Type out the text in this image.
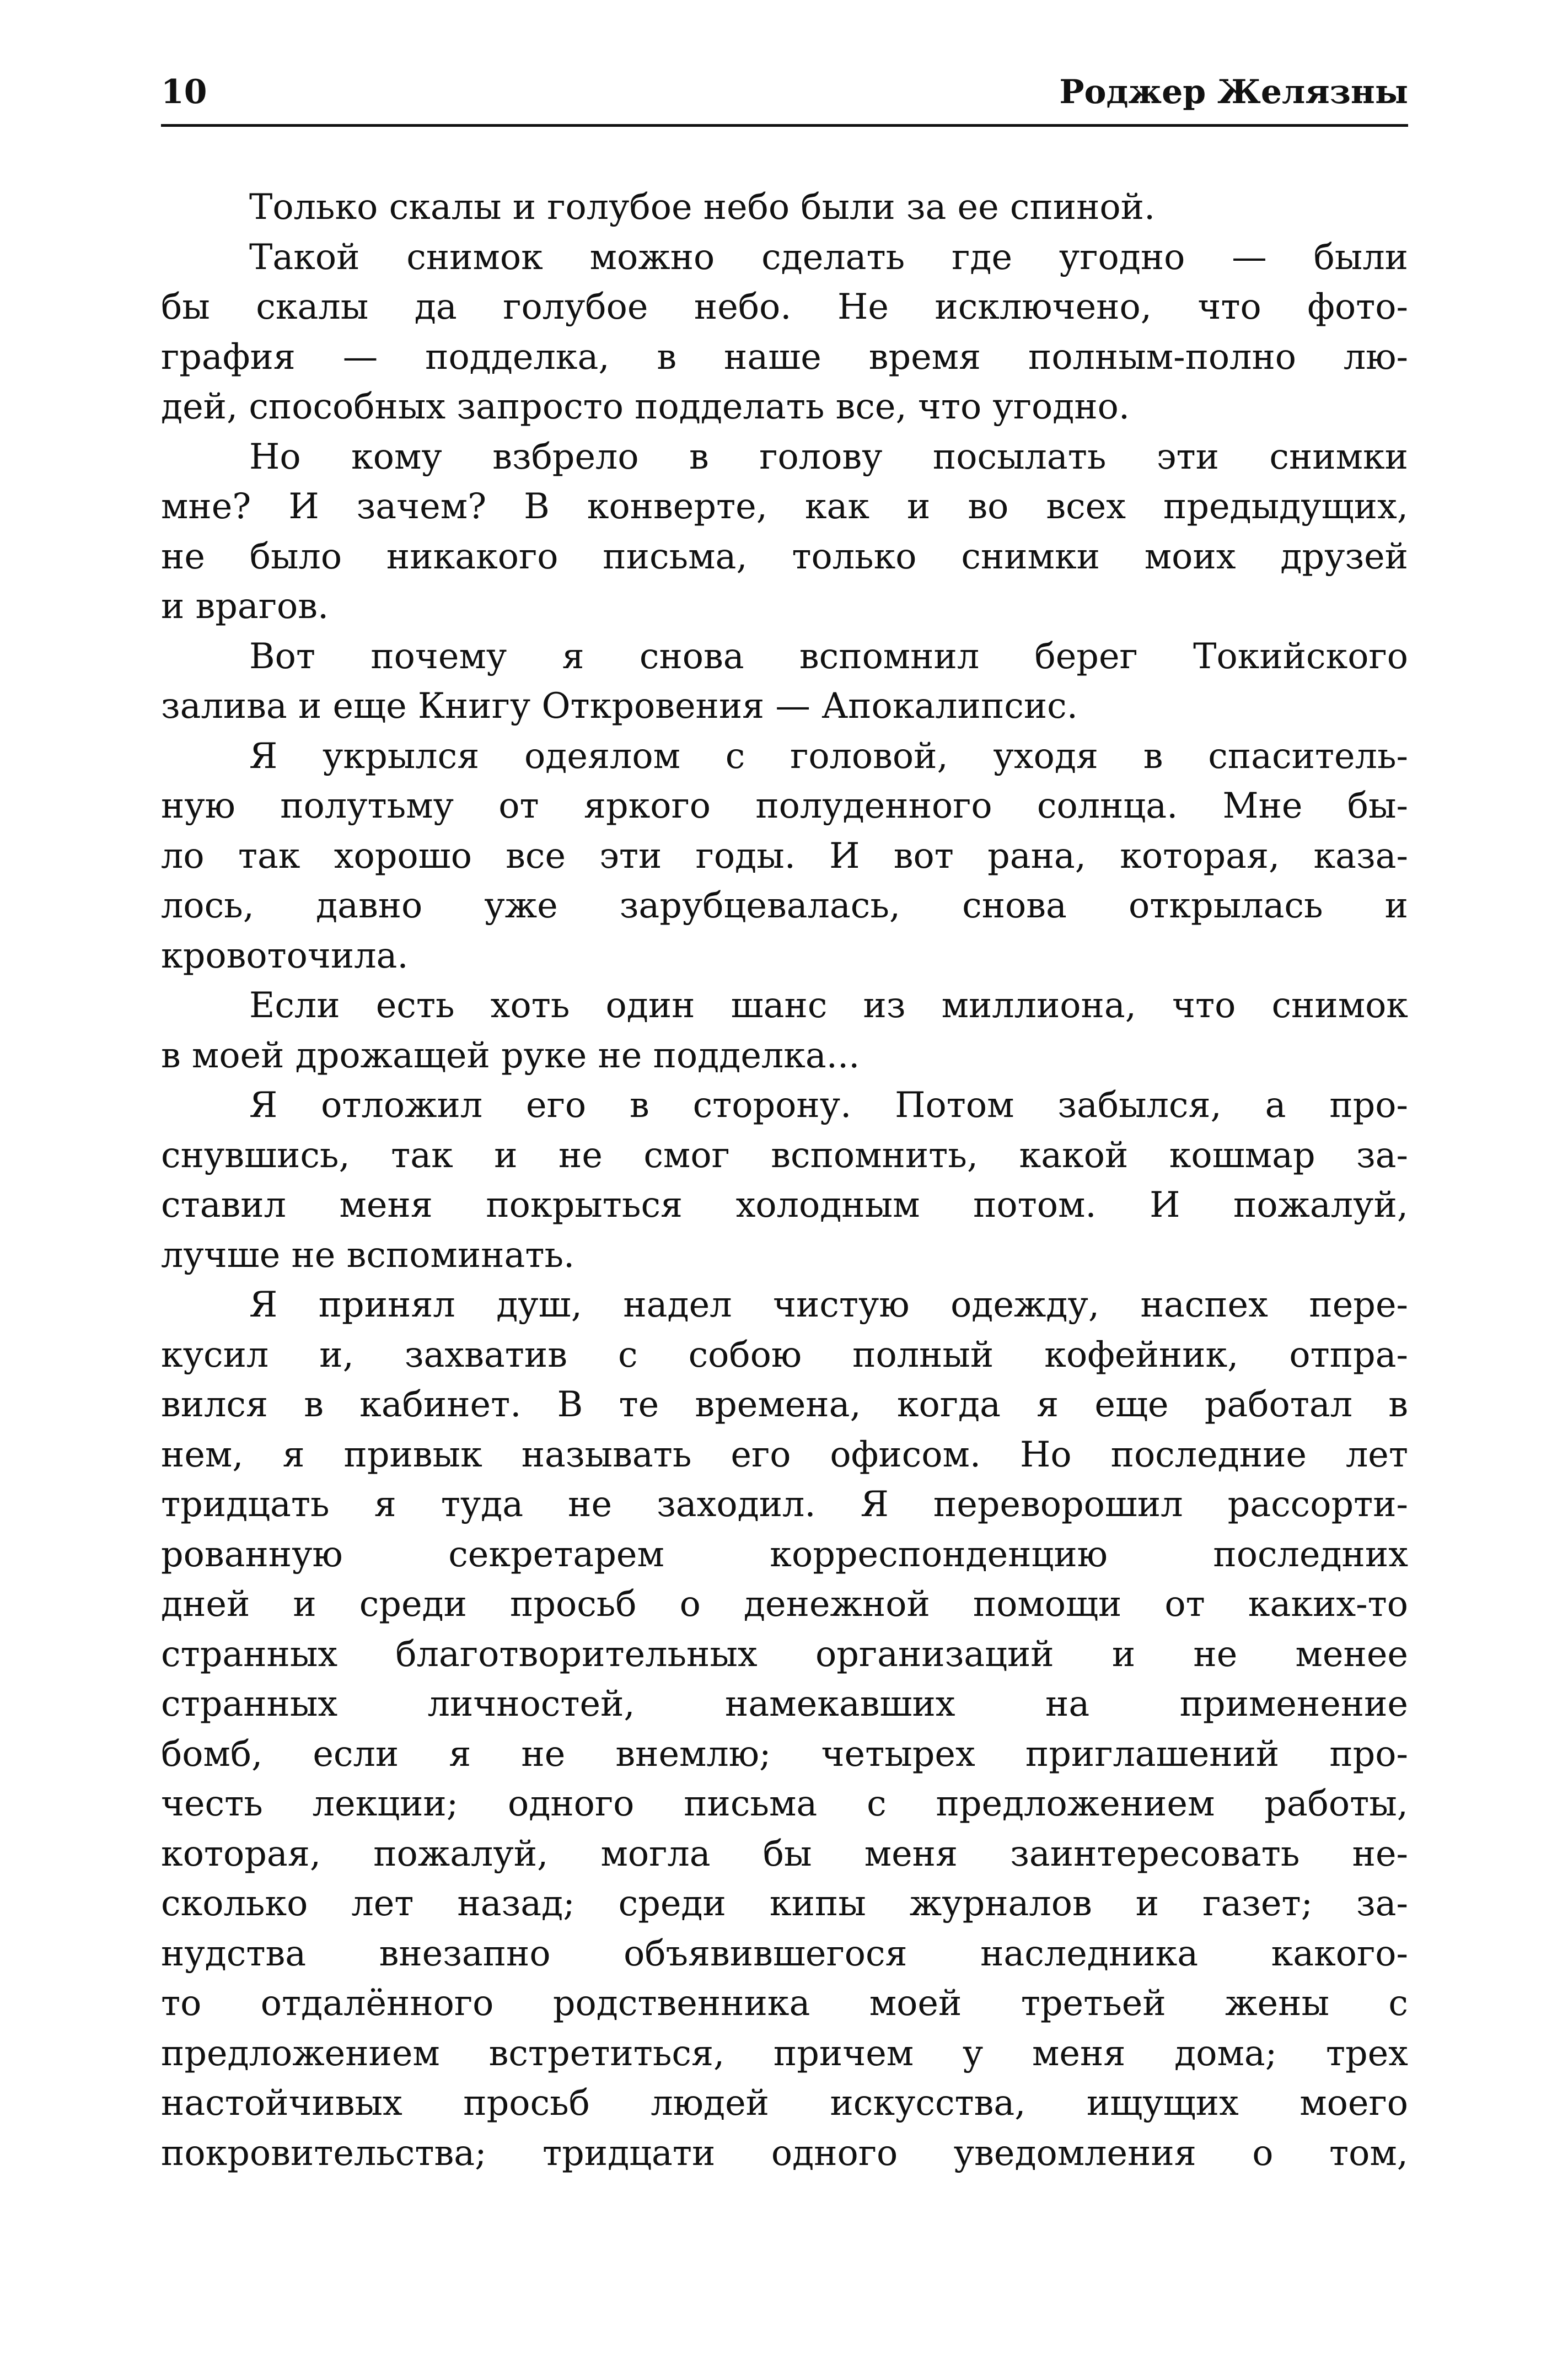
10	Роджер Желязны
Только скалы и голубое небо были за ее спиной.
Такой снимок можно сделать где угодно — были
бы скалы да голубое небо. Не исключено, что фото-
графия — подделка, в наше время полным-полно лю-
дей, способных запросто подделать все, что угодно.
Но кому взбрело в голову посылать эти снимки
мне? И зачем? В конверте, как и во всех предыдущих,
не было никакого письма, только снимки моих друзей
и врагов.
Вот почему я снова вспомнил берег Токийского
залива и еще Книгу Откровения — Апокалипсис.
Я укрылся одеялом с головой, уходя в спаситель-
ную полутьму от яркого полуденного солнца. Мне бы-
ло так хорошо все эти годы. И вот рана, которая, каза-
лось, давно уже зарубцевалась, снова открылась и
кровоточила.
Если есть хоть один шанс из миллиона, что снимок
в моей дрожащей руке не подделка...
Я отложил его в сторону. Потом забылся, а про-
снувшись, так и не смог вспомнить, какой кошмар за-
ставил меня покрыться холодным потом. И пожалуй,
лучше не вспоминать.
Я принял душ, надел чистую одежду, наспех пере-
кусил и, захватив с собою полный кофейник, отпра-
вился в кабинет. В те времена, когда я еще работал в
нем, я привык называть его офисом. Но последние лет
тридцать я туда не заходил. Я переворошил рассорти-
рованную секретарем корреспонденцию последних
дней и среди просьб о денежной помощи от каких-то
странных благотворительных организаций и не менее
странных личностей, намекавших на применение
бомб, если я не внемлю; четырех приглашений про-
честь лекции; одного письма с предложением работы,
которая, пожалуй, могла бы меня заинтересовать не-
сколько лет назад; среди кипы журналов и газет; за-
нудства внезапно объявившегося наследника какого-
то отдалённого родственника моей третьей жены с
предложением встретиться, причем у меня дома; трех
настойчивых просьб людей искусства, ищущих моего
покровительства; тридцати одного уведомления о том,
